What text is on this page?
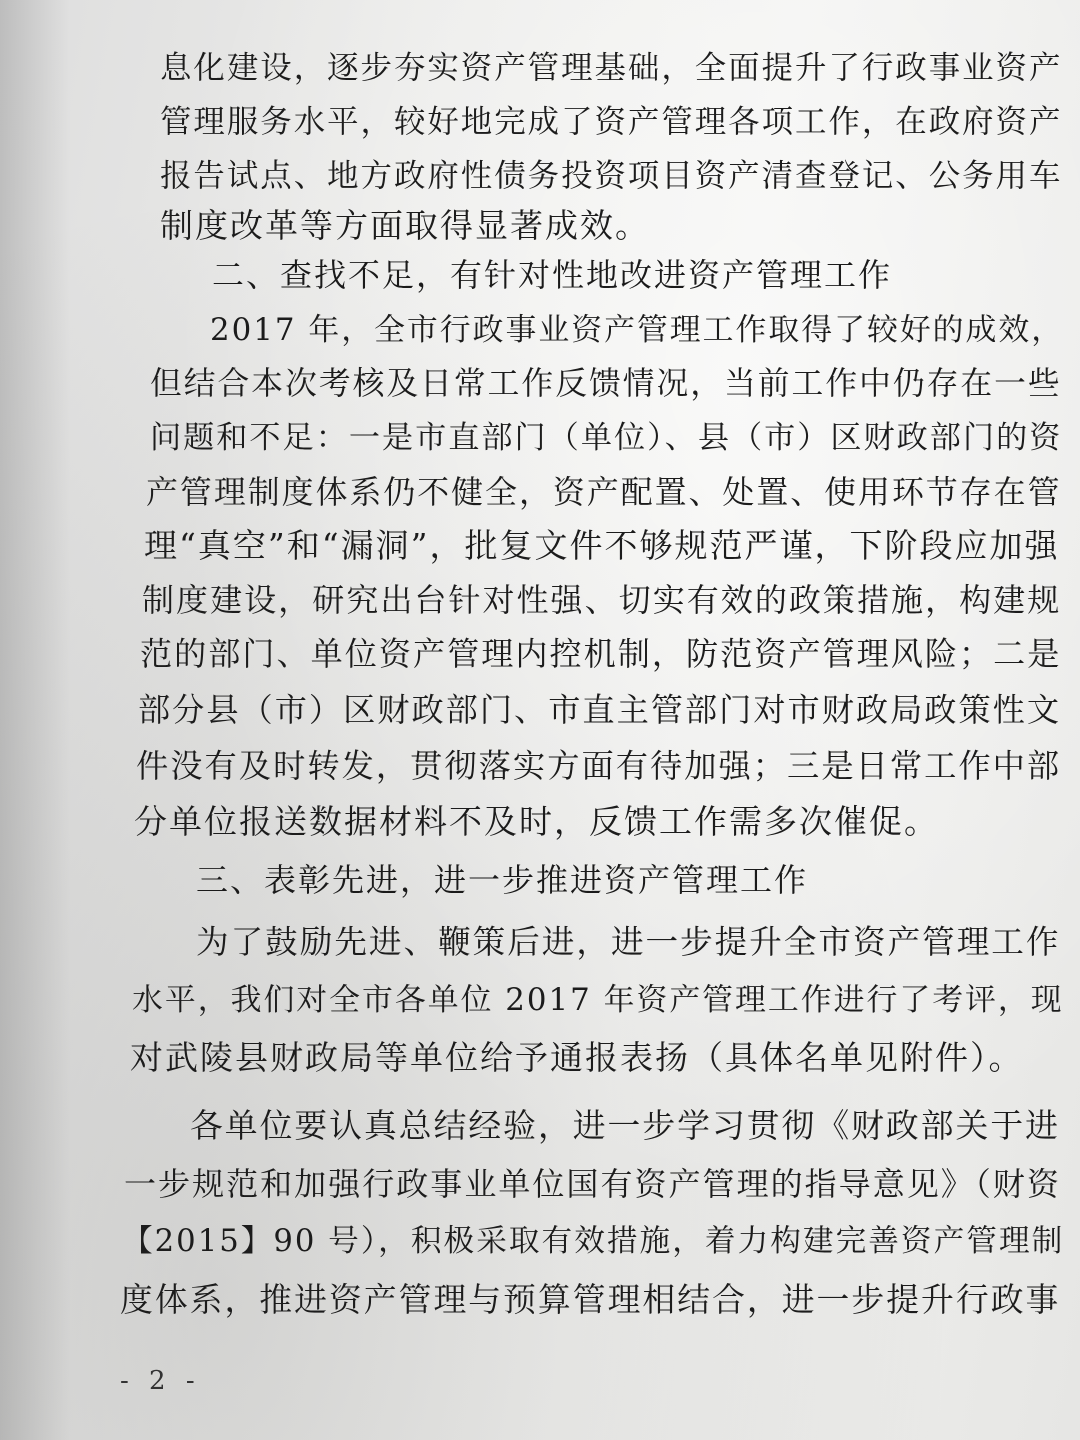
息化建设，逐步夯实资产管理基础，全面提升了行政事业资产
管理服务水平，较好地完成了资产管理各项工作，在政府资产
报告试点、地方政府性债务投资项目资产清查登记、公务用车
制度改革等方面取得显著成效。
二、查找不足，有针对性地改进资产管理工作
2017 年，全市行政事业资产管理工作取得了较好的成效，
但结合本次考核及日常工作反馈情况，当前工作中仍存在一些
问题和不足：一是市直部门（单位）、县（市）区财政部门的资
产管理制度体系仍不健全，资产配置、处置、使用环节存在管
理“真空”和“漏洞”，批复文件不够规范严谨，下阶段应加强
制度建设，研究出台针对性强、切实有效的政策措施，构建规
范的部门、单位资产管理内控机制，防范资产管理风险；二是
部分县（市）区财政部门、市直主管部门对市财政局政策性文
件没有及时转发，贯彻落实方面有待加强；三是日常工作中部
分单位报送数据材料不及时，反馈工作需多次催促。
三、表彰先进，进一步推进资产管理工作
为了鼓励先进、鞭策后进，进一步提升全市资产管理工作
水平，我们对全市各单位 2017 年资产管理工作进行了考评，现
对武陵县财政局等单位给予通报表扬（具体名单见附件）。
各单位要认真总结经验，进一步学习贯彻《财政部关于进
一步规范和加强行政事业单位国有资产管理的指导意见》（财资
【2015】90 号），积极采取有效措施，着力构建完善资产管理制
度体系，推进资产管理与预算管理相结合，进一步提升行政事
- 2 -
